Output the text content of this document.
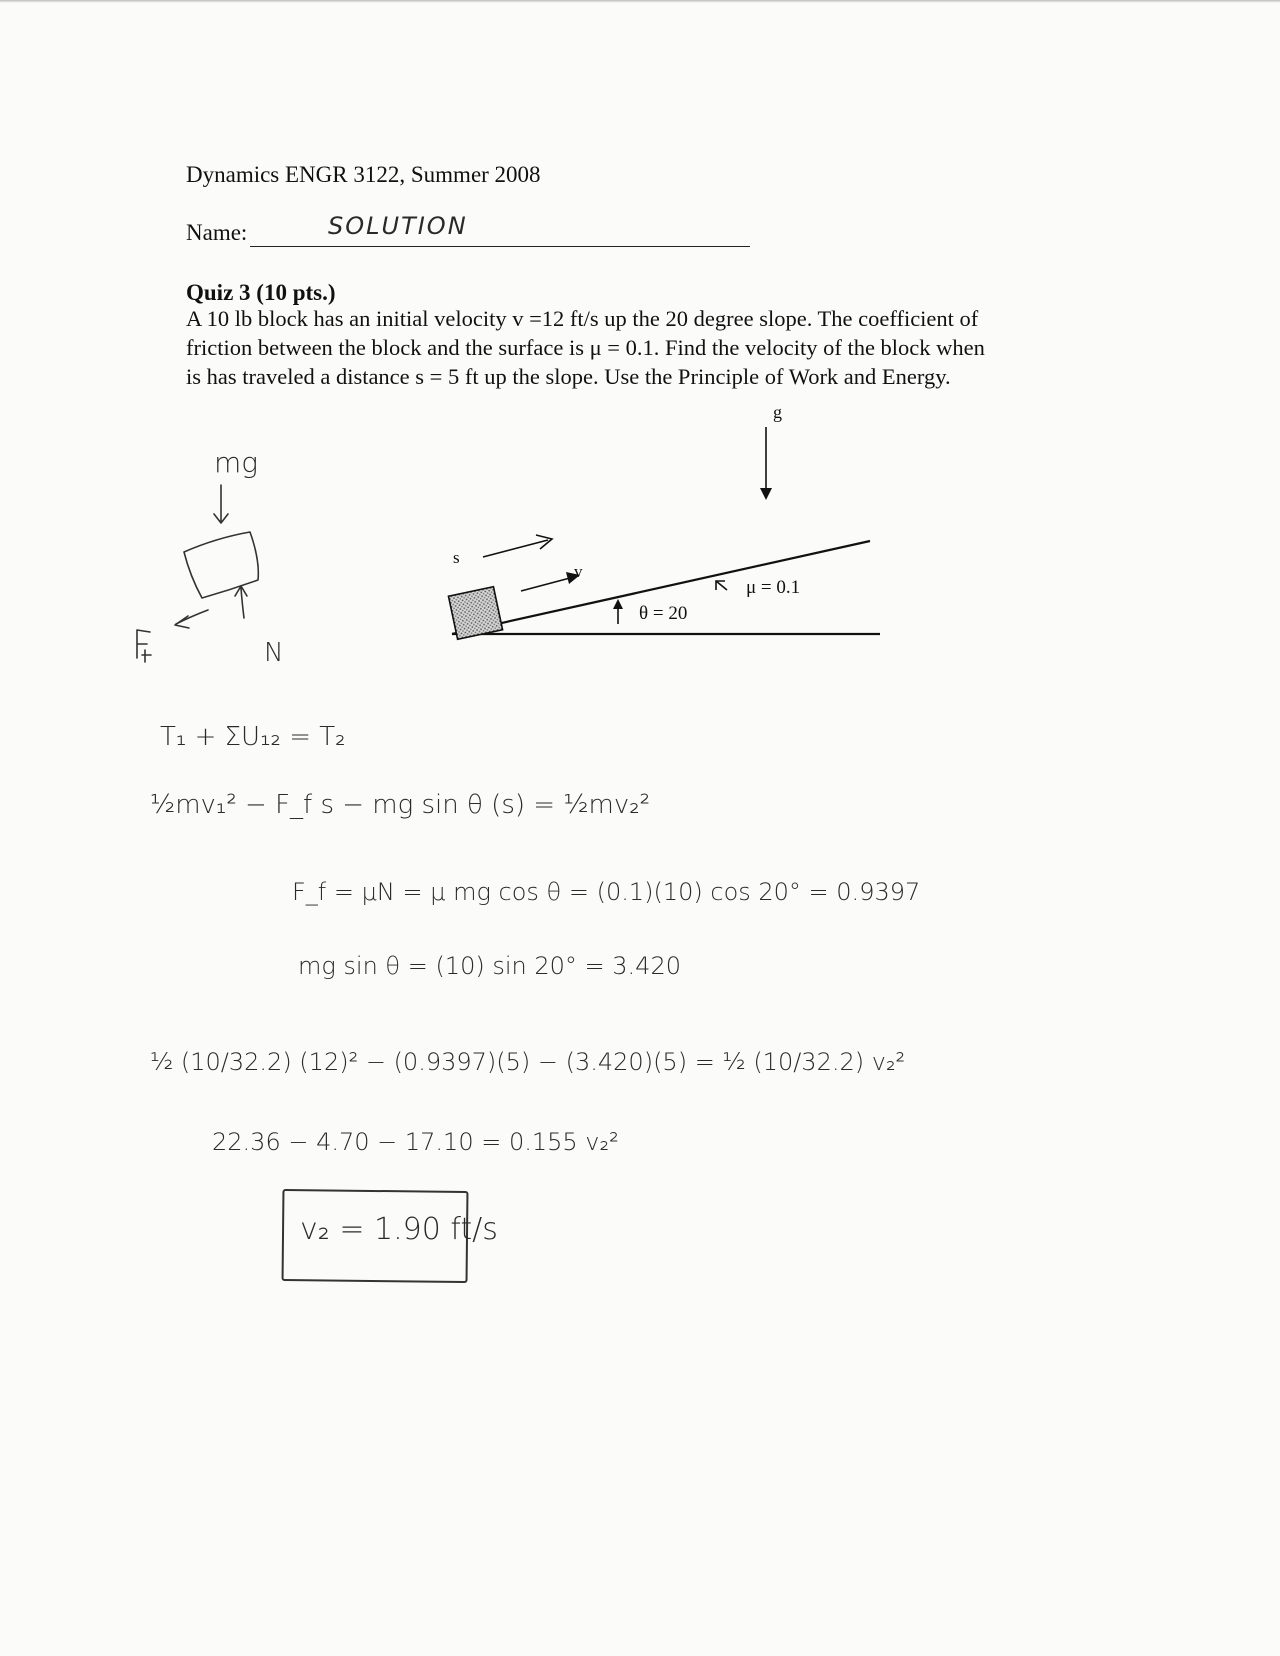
Dynamics ENGR 3122, Summer 2008
Name:	SOLUTION
Quiz 3 (10 pts.)
A 10 lb block has an initial velocity v =12 ft/s up the 20 degree slope. The coefficient of
friction between the block and the surface is μ = 0.1. Find the velocity of the block when
is has traveled a distance s = 5 ft up the slope. Use the Principle of Work and Energy.
mg
N
s
v
θ = 20
μ = 0.1
g
T₁ + ΣU₁₂ = T₂
½mv₁² − F_f s − mg sin θ (s) = ½mv₂²
F_f = μN = μ mg cos θ = (0.1)(10) cos 20° = 0.9397
mg sin θ = (10) sin 20° = 3.420
½ (10/32.2) (12)² − (0.9397)(5) − (3.420)(5) = ½ (10/32.2) v₂²
22.36 − 4.70 − 17.10 = 0.155 v₂²
v₂ = 1.90 ft/s
